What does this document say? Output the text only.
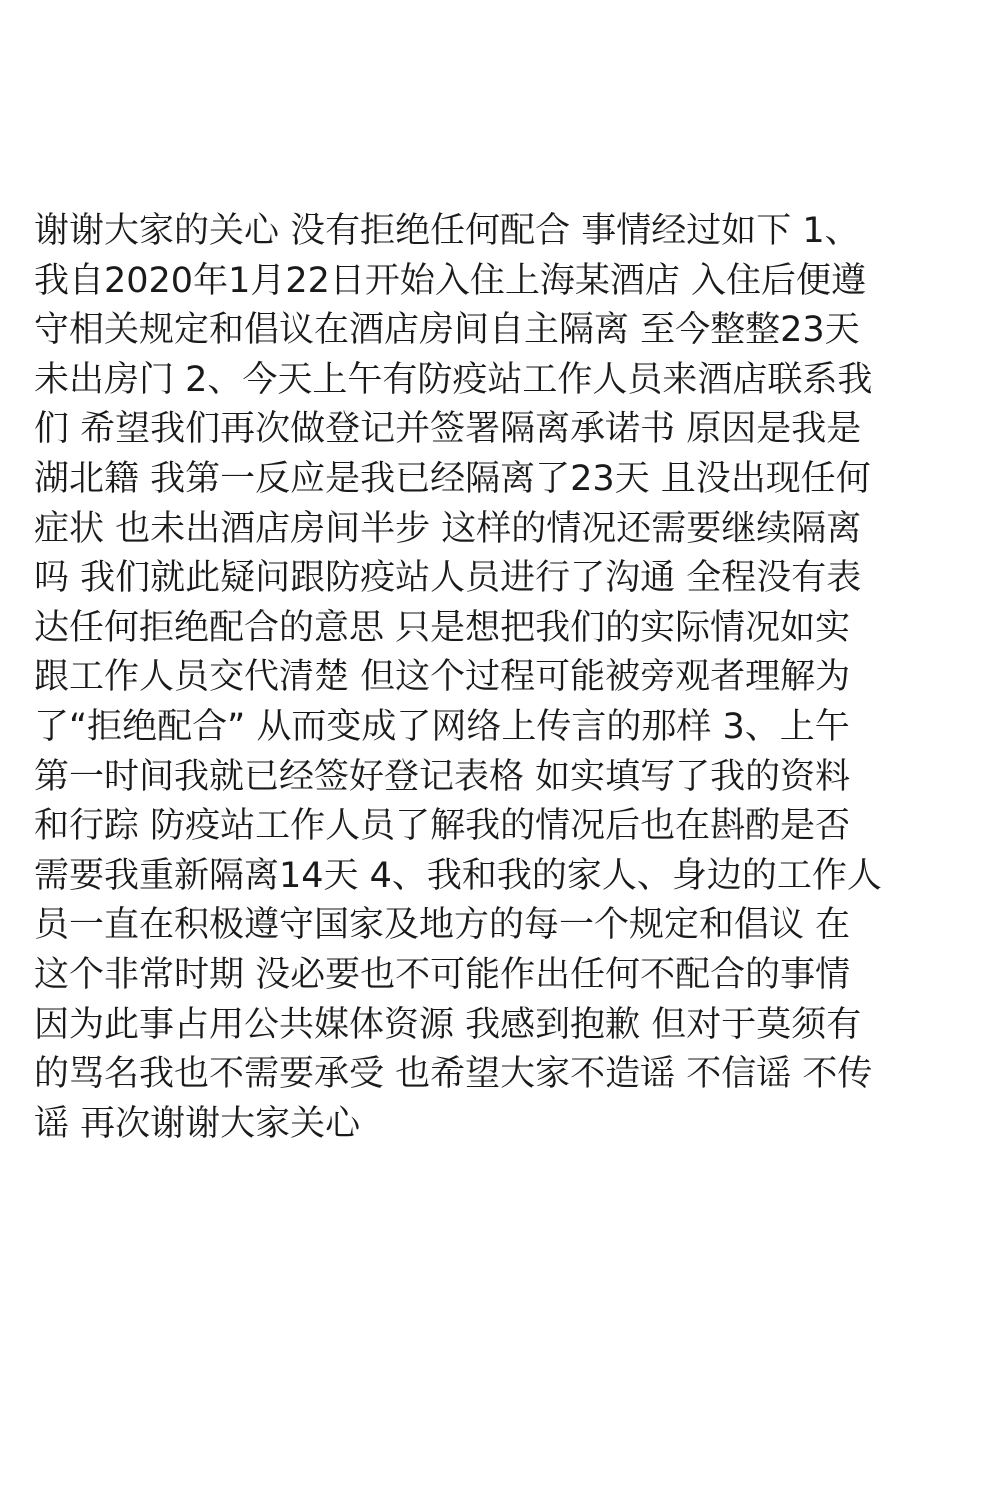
谢谢大家的关心 没有拒绝任何配合 事情经过如下 1、
我自2020年1月22日开始入住上海某酒店 入住后便遵
守相关规定和倡议在酒店房间自主隔离 至今整整23天
未出房门 2、今天上午有防疫站工作人员来酒店联系我
们 希望我们再次做登记并签署隔离承诺书 原因是我是
湖北籍 我第一反应是我已经隔离了23天 且没出现任何
症状 也未出酒店房间半步 这样的情况还需要继续隔离
吗 我们就此疑问跟防疫站人员进行了沟通 全程没有表
达任何拒绝配合的意思 只是想把我们的实际情况如实
跟工作人员交代清楚 但这个过程可能被旁观者理解为
了“拒绝配合” 从而变成了网络上传言的那样 3、上午
第一时间我就已经签好登记表格 如实填写了我的资料
和行踪 防疫站工作人员了解我的情况后也在斟酌是否
需要我重新隔离14天 4、我和我的家人、身边的工作人
员一直在积极遵守国家及地方的每一个规定和倡议 在
这个非常时期 没必要也不可能作出任何不配合的事情
因为此事占用公共媒体资源 我感到抱歉 但对于莫须有
的骂名我也不需要承受 也希望大家不造谣 不信谣 不传
谣 再次谢谢大家关心
